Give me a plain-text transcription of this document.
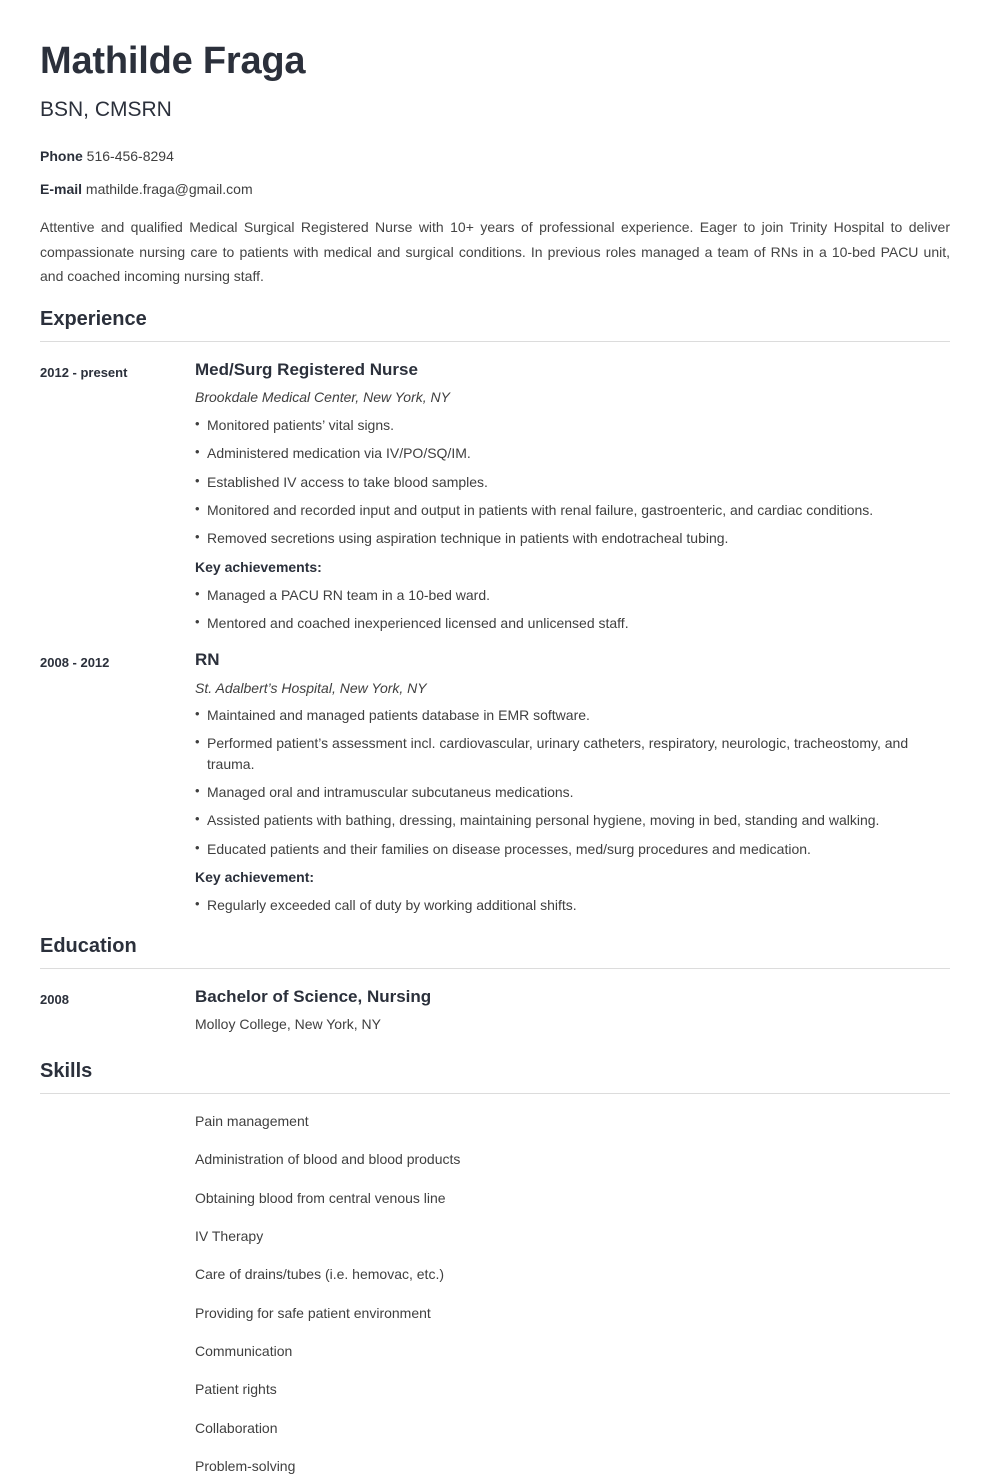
Mathilde Fraga
BSN, CMSRN
Phone 516-456-8294
E-mail mathilde.fraga@gmail.com

Attentive and qualified Medical Surgical Registered Nurse with 10+ years of professional experience. Eager to join Trinity Hospital to deliver compassionate nursing care to patients with medical and surgical conditions. In previous roles managed a team of RNs in a 10-bed PACU unit, and coached incoming nursing staff.

Experience
2012 - present	Med/Surg Registered Nurse
Brookdale Medical Center, New York, NY
• Monitored patients’ vital signs.
• Administered medication via IV/PO/SQ/IM.
• Established IV access to take blood samples.
• Monitored and recorded input and output in patients with renal failure, gastroenteric, and cardiac conditions.
• Removed secretions using aspiration technique in patients with endotracheal tubing.
Key achievements:
• Managed a PACU RN team in a 10-bed ward.
• Mentored and coached inexperienced licensed and unlicensed staff.
2008 - 2012	RN
St. Adalbert’s Hospital, New York, NY
• Maintained and managed patients database in EMR software.
• Performed patient’s assessment incl. cardiovascular, urinary catheters, respiratory, neurologic, tracheostomy, and trauma.
• Managed oral and intramuscular subcutaneus medications.
• Assisted patients with bathing, dressing, maintaining personal hygiene, moving in bed, standing and walking.
• Educated patients and their families on disease processes, med/surg procedures and medication.
Key achievement:
• Regularly exceeded call of duty by working additional shifts.
Education
2008	Bachelor of Science, Nursing
Molloy College, New York, NY
Skills
Pain management
Administration of blood and blood products
Obtaining blood from central venous line
IV Therapy
Care of drains/tubes (i.e. hemovac, etc.)
Providing for safe patient environment
Communication
Patient rights
Collaboration
Problem-solving
